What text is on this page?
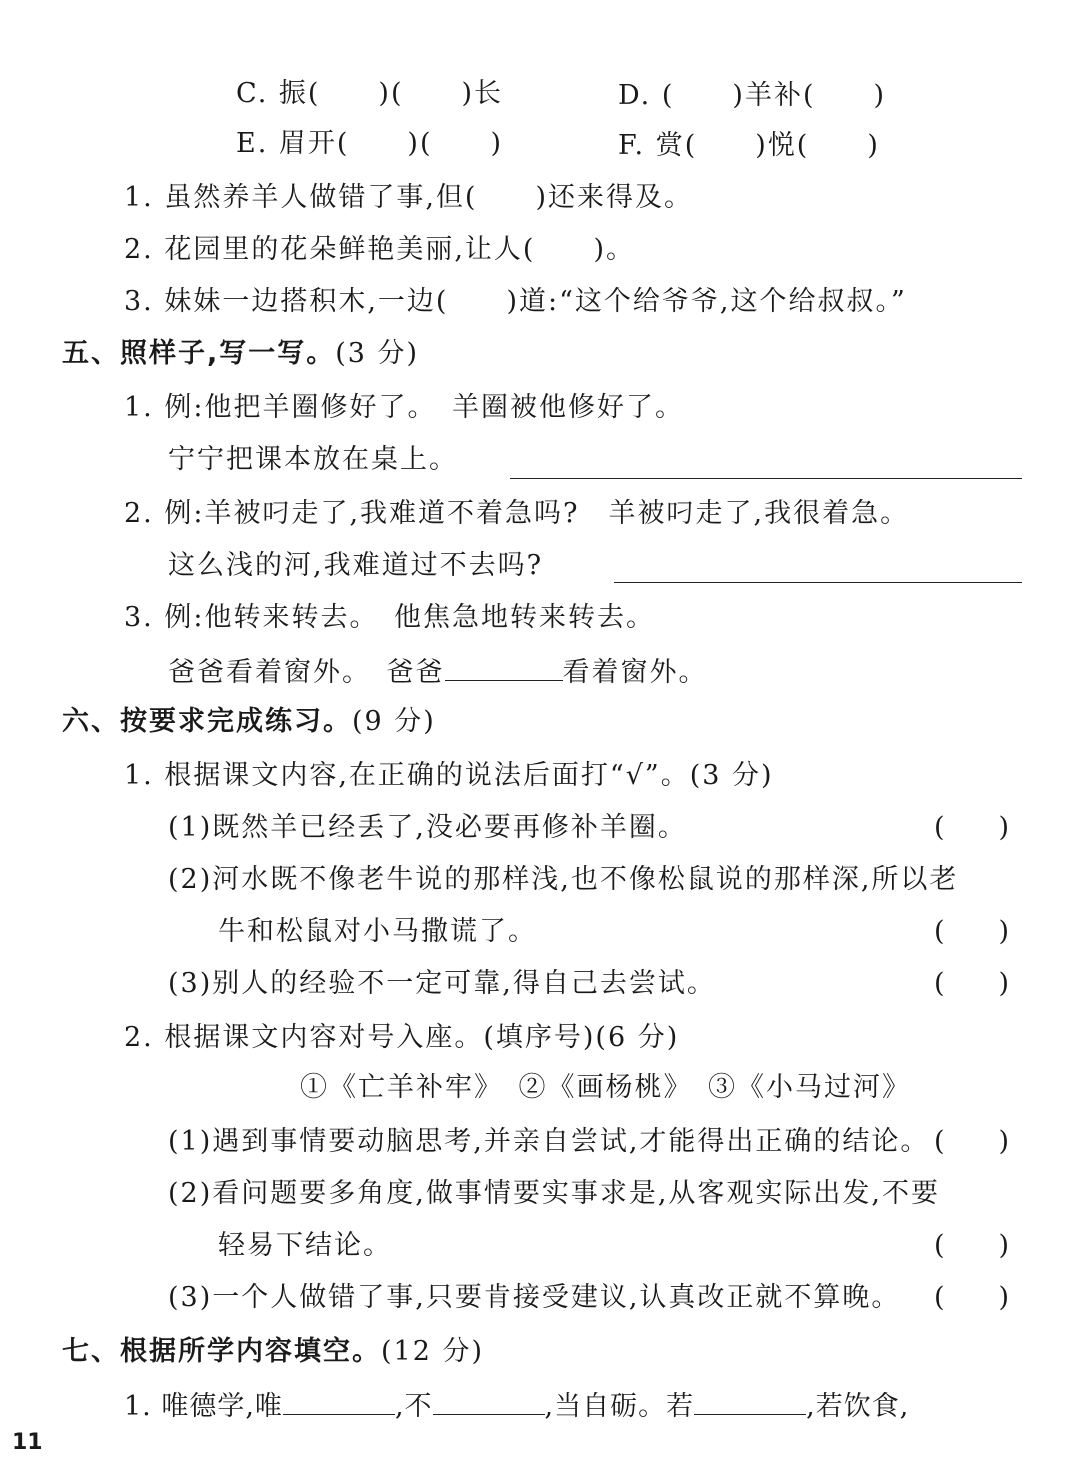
C. 振(　　)(　　)长	D. (　　)羊补(　　)
E. 眉开(　　)(　　)	F. 赏(　　)悦(　　)
1. 虽然养羊人做错了事,但(　　)还来得及。
2. 花园里的花朵鲜艳美丽,让人(　　)。
3. 妹妹一边搭积木,一边(　　)道:“这个给爷爷,这个给叔叔。”
五、照样子,写一写。(3 分)
1. 例:他把羊圈修好了。　羊圈被他修好了。
宁宁把课本放在桌上。
2. 例:羊被叼走了,我难道不着急吗?　羊被叼走了,我很着急。
这么浅的河,我难道过不去吗?
3. 例:他转来转去。　他焦急地转来转去。
爸爸看着窗外。　爸爸	看着窗外。
六、按要求完成练习。(9 分)
1. 根据课文内容,在正确的说法后面打“√”。(3 分)
(1)既然羊已经丢了,没必要再修补羊圈。	(　　)
(2)河水既不像老牛说的那样浅,也不像松鼠说的那样深,所以老
牛和松鼠对小马撒谎了。	(　　)
(3)别人的经验不一定可靠,得自己去尝试。	(　　)
2. 根据课文内容对号入座。(填序号)(6 分)
①《亡羊补牢》　②《画杨桃》　③《小马过河》
(1)遇到事情要动脑思考,并亲自尝试,才能得出正确的结论。 (　　)
(2)看问题要多角度,做事情要实事求是,从客观实际出发,不要
轻易下结论。	(　　)
(3)一个人做错了事,只要肯接受建议,认真改正就不算晚。 (　　)
七、根据所学内容填空。(12 分)
1. 唯德学,唯	,不	,当自砺。若	,若饮食,
11
